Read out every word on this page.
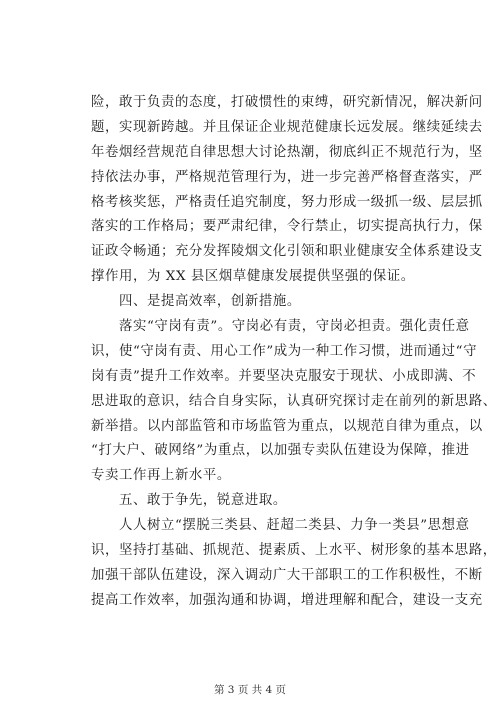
险，敢于负责的态度，打破惯性的束缚，研究新情况，解决新问
题，实现新跨越。并且保证企业规范健康长远发展。继续延续去
年卷烟经营规范自律思想大讨论热潮，彻底纠正不规范行为，坚
持依法办事，严格规范管理行为，进一步完善严格督查落实，严
格考核奖惩，严格责任追究制度，努力形成一级抓一级、层层抓
落实的工作格局；要严肃纪律，令行禁止，切实提高执行力，保
证政令畅通；充分发挥陵烟文化引领和职业健康安全体系建设支
撑作用，为 XX 县区烟草健康发展提供坚强的保证。
　　四、是提高效率，创新措施。
　　落实“守岗有责”。守岗必有责，守岗必担责。强化责任意
识，使“守岗有责、用心工作”成为一种工作习惯，进而通过“守
岗有责”提升工作效率。并要坚决克服安于现状、小成即满、不
思进取的意识，结合自身实际，认真研究探讨走在前列的新思路、
新举措。以内部监管和市场监管为重点，以规范自律为重点，以
“打大户、破网络”为重点，以加强专卖队伍建设为保障，推进
专卖工作再上新水平。
　　五、敢于争先，锐意进取。
　　人人树立“摆脱三类县、赶超二类县、力争一类县”思想意
识，坚持打基础、抓规范、提素质、上水平、树形象的基本思路，
加强干部队伍建设，深入调动广大干部职工的工作积极性，不断
提高工作效率，加强沟通和协调，增进理解和配合，建设一支充
第 3 页 共 4 页
